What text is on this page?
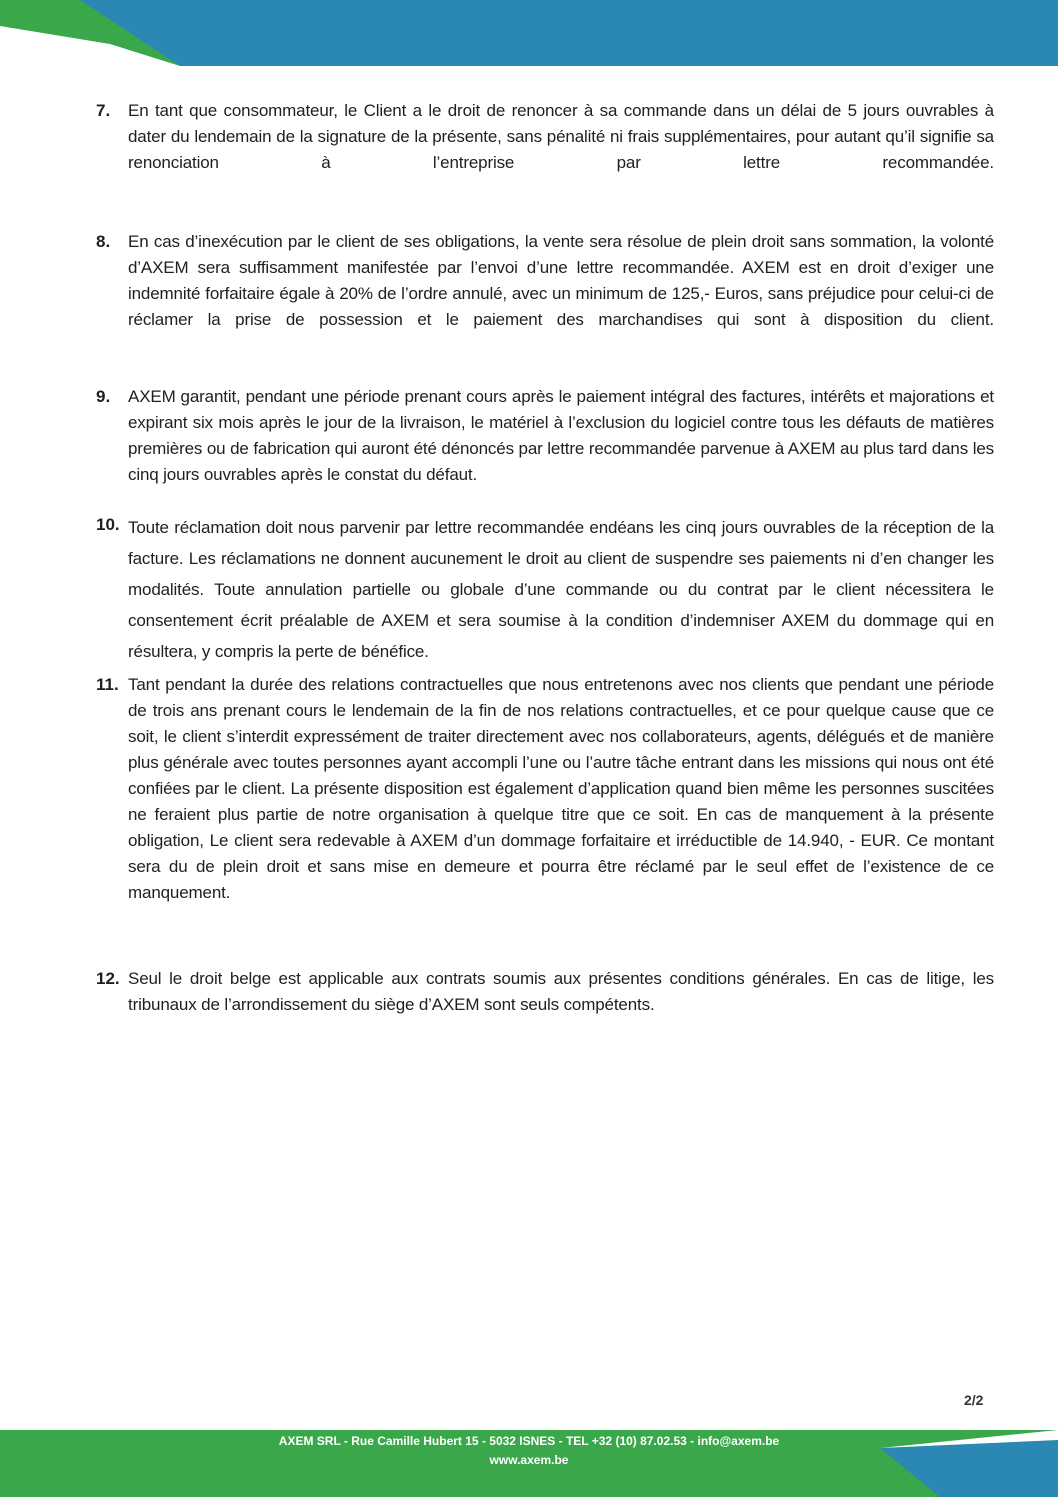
7. En tant que consommateur, le Client a le droit de renoncer à sa commande dans un délai de 5 jours ouvrables à dater du lendemain de la signature de la présente, sans pénalité ni frais supplémentaires, pour autant qu’il signifie sa renonciation à l’entreprise par lettre recommandée.
8. En cas d’inexécution par le client de ses obligations, la vente sera résolue de plein droit sans sommation, la volonté d’AXEM sera suffisamment manifestée par l’envoi d’une lettre recommandée. AXEM est en droit d’exiger une indemnité forfaitaire égale à 20% de l’ordre annulé, avec un minimum de 125,- Euros, sans préjudice pour celui-ci de réclamer la prise de possession et le paiement des marchandises qui sont à disposition du client.
9. AXEM garantit, pendant une période prenant cours après le paiement intégral des factures, intérêts et majorations et expirant six mois après le jour de la livraison, le matériel à l’exclusion du logiciel contre tous les défauts de matières premières ou de fabrication qui auront été dénoncés par lettre recommandée parvenue à AXEM au plus tard dans les cinq jours ouvrables après le constat du défaut.
10. Toute réclamation doit nous parvenir par lettre recommandée endéans les cinq jours ouvrables de la réception de la facture. Les réclamations ne donnent aucunement le droit au client de suspendre ses paiements ni d’en changer les modalités. Toute annulation partielle ou globale d’une commande ou du contrat par le client nécessitera le consentement écrit préalable de AXEM et sera soumise à la condition d’indemniser AXEM du dommage qui en résultera, y compris la perte de bénéfice.
11. Tant pendant la durée des relations contractuelles que nous entretenons avec nos clients que pendant une période de trois ans prenant cours le lendemain de la fin de nos relations contractuelles, et ce pour quelque cause que ce soit, le client s’interdit expressément de traiter directement avec nos collaborateurs, agents, délégués et de manière plus générale avec toutes personnes ayant accompli l’une ou l’autre tâche entrant dans les missions qui nous ont été confiées par le client. La présente disposition est également d’application quand bien même les personnes suscitées ne feraient plus partie de notre organisation à quelque titre que ce soit. En cas de manquement à la présente obligation, Le client sera redevable à AXEM d’un dommage forfaitaire et irréductible de 14.940, - EUR. Ce montant sera du de plein droit et sans mise en demeure et pourra être réclamé par le seul effet de l’existence de ce manquement.
12. Seul le droit belge est applicable aux contrats soumis aux présentes conditions générales. En cas de litige, les tribunaux de l’arrondissement du siège d’AXEM sont seuls compétents.
2/2
AXEM SRL - Rue Camille Hubert 15 - 5032 ISNES - TEL +32 (10) 87.02.53 - info@axem.be
www.axem.be
